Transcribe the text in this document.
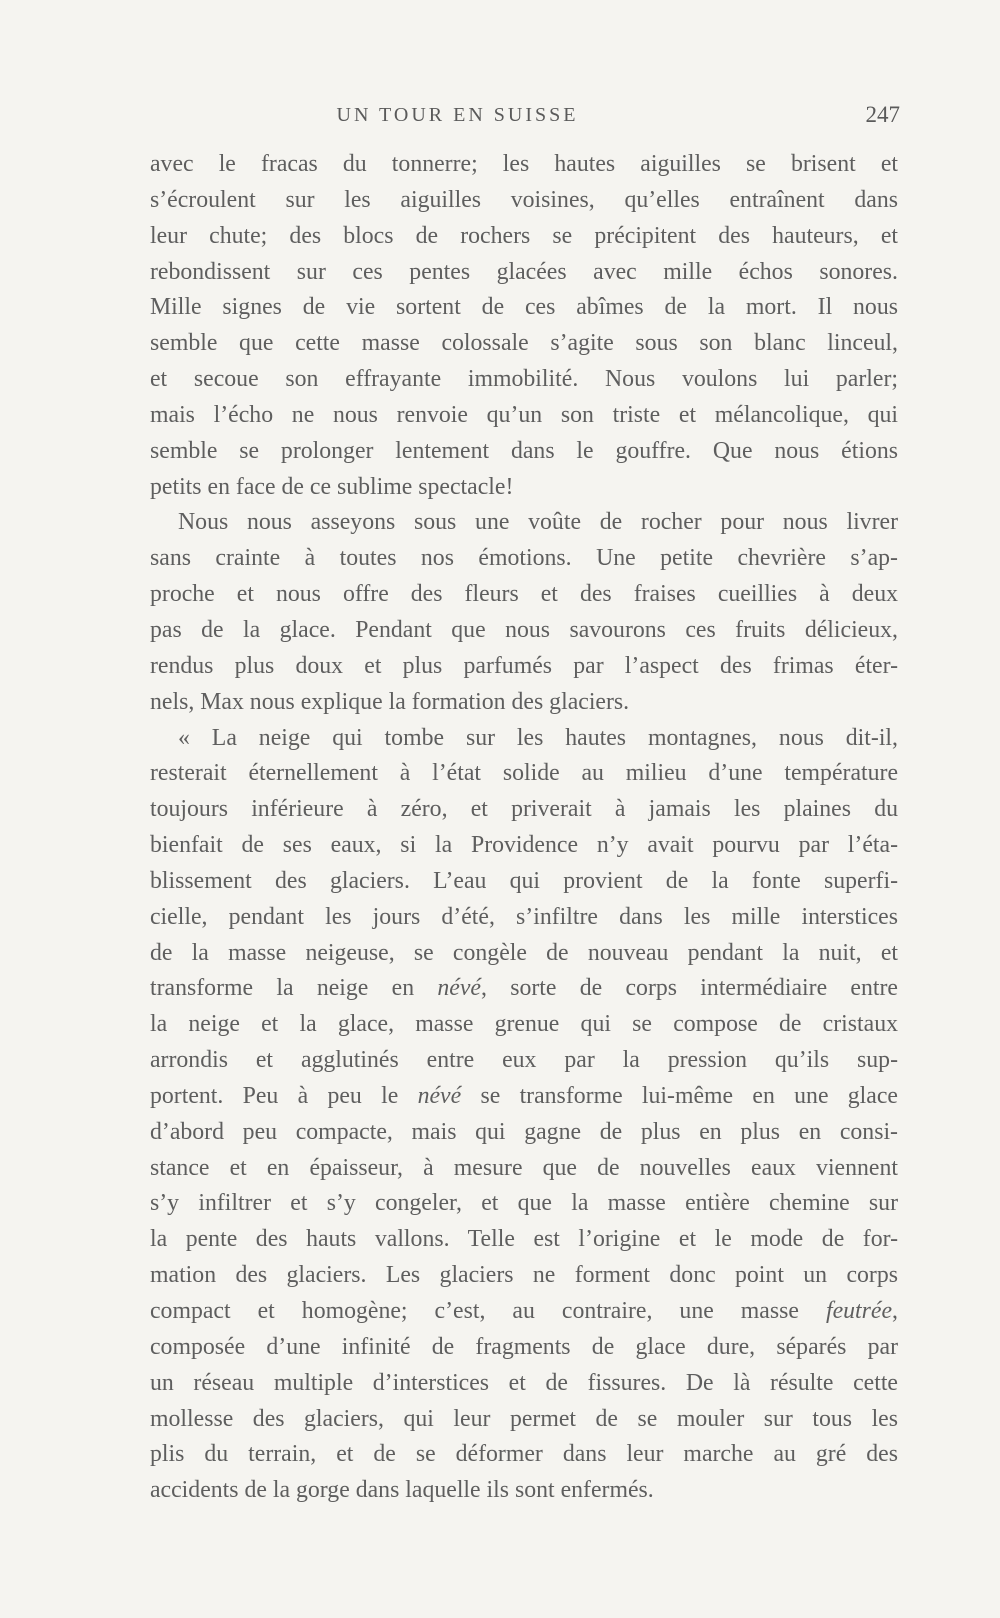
UN TOUR EN SUISSE	247
avec le fracas du tonnerre; les hautes aiguilles se brisent et
s’écroulent sur les aiguilles voisines, qu’elles entraînent dans
leur chute; des blocs de rochers se précipitent des hauteurs, et
rebondissent sur ces pentes glacées avec mille échos sonores.
Mille signes de vie sortent de ces abîmes de la mort. Il nous
semble que cette masse colossale s’agite sous son blanc linceul,
et secoue son effrayante immobilité. Nous voulons lui parler;
mais l’écho ne nous renvoie qu’un son triste et mélancolique, qui
semble se prolonger lentement dans le gouffre. Que nous étions
petits en face de ce sublime spectacle!
Nous nous asseyons sous une voûte de rocher pour nous livrer
sans crainte à toutes nos émotions. Une petite chevrière s’ap-
proche et nous offre des fleurs et des fraises cueillies à deux
pas de la glace. Pendant que nous savourons ces fruits délicieux,
rendus plus doux et plus parfumés par l’aspect des frimas éter-
nels, Max nous explique la formation des glaciers.
« La neige qui tombe sur les hautes montagnes, nous dit-il,
resterait éternellement à l’état solide au milieu d’une température
toujours inférieure à zéro, et priverait à jamais les plaines du
bienfait de ses eaux, si la Providence n’y avait pourvu par l’éta-
blissement des glaciers. L’eau qui provient de la fonte superfi-
cielle, pendant les jours d’été, s’infiltre dans les mille interstices
de la masse neigeuse, se congèle de nouveau pendant la nuit, et
transforme la neige en névé, sorte de corps intermédiaire entre
la neige et la glace, masse grenue qui se compose de cristaux
arrondis et agglutinés entre eux par la pression qu’ils sup-
portent. Peu à peu le névé se transforme lui-même en une glace
d’abord peu compacte, mais qui gagne de plus en plus en consi-
stance et en épaisseur, à mesure que de nouvelles eaux viennent
s’y infiltrer et s’y congeler, et que la masse entière chemine sur
la pente des hauts vallons. Telle est l’origine et le mode de for-
mation des glaciers. Les glaciers ne forment donc point un corps
compact et homogène; c’est, au contraire, une masse feutrée,
composée d’une infinité de fragments de glace dure, séparés par
un réseau multiple d’interstices et de fissures. De là résulte cette
mollesse des glaciers, qui leur permet de se mouler sur tous les
plis du terrain, et de se déformer dans leur marche au gré des
accidents de la gorge dans laquelle ils sont enfermés.
